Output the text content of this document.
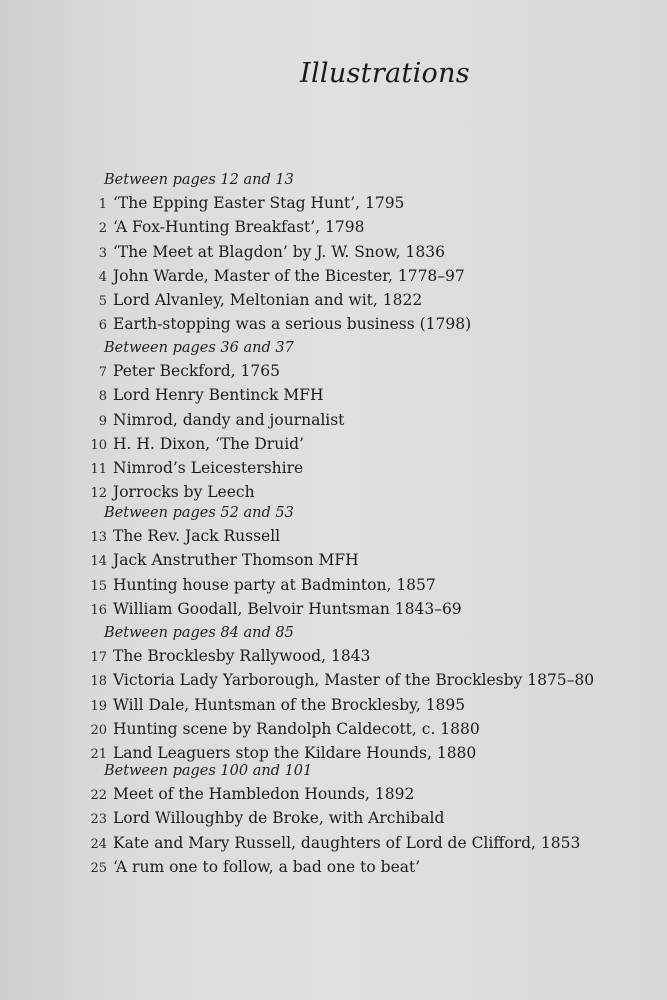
Illustrations
Between pages 12 and 13
1 ‘The Epping Easter Stag Hunt’, 1795
2 ‘A Fox-Hunting Breakfast’, 1798
3 ‘The Meet at Blagdon’ by J. W. Snow, 1836
4 John Warde, Master of the Bicester, 1778–97
5 Lord Alvanley, Meltonian and wit, 1822
6 Earth-stopping was a serious business (1798)
Between pages 36 and 37
7 Peter Beckford, 1765
8 Lord Henry Bentinck MFH
9 Nimrod, dandy and journalist
10 H. H. Dixon, ‘The Druid’
11 Nimrod’s Leicestershire
12 Jorrocks by Leech
Between pages 52 and 53
13 The Rev. Jack Russell
14 Jack Anstruther Thomson MFH
15 Hunting house party at Badminton, 1857
16 William Goodall, Belvoir Huntsman 1843–69
Between pages 84 and 85
17 The Brocklesby Rallywood, 1843
18 Victoria Lady Yarborough, Master of the Brocklesby 1875–80
19 Will Dale, Huntsman of the Brocklesby, 1895
20 Hunting scene by Randolph Caldecott, c. 1880
21 Land Leaguers stop the Kildare Hounds, 1880
Between pages 100 and 101
22 Meet of the Hambledon Hounds, 1892
23 Lord Willoughby de Broke, with Archibald
24 Kate and Mary Russell, daughters of Lord de Clifford, 1853
25 ‘A rum one to follow, a bad one to beat’
